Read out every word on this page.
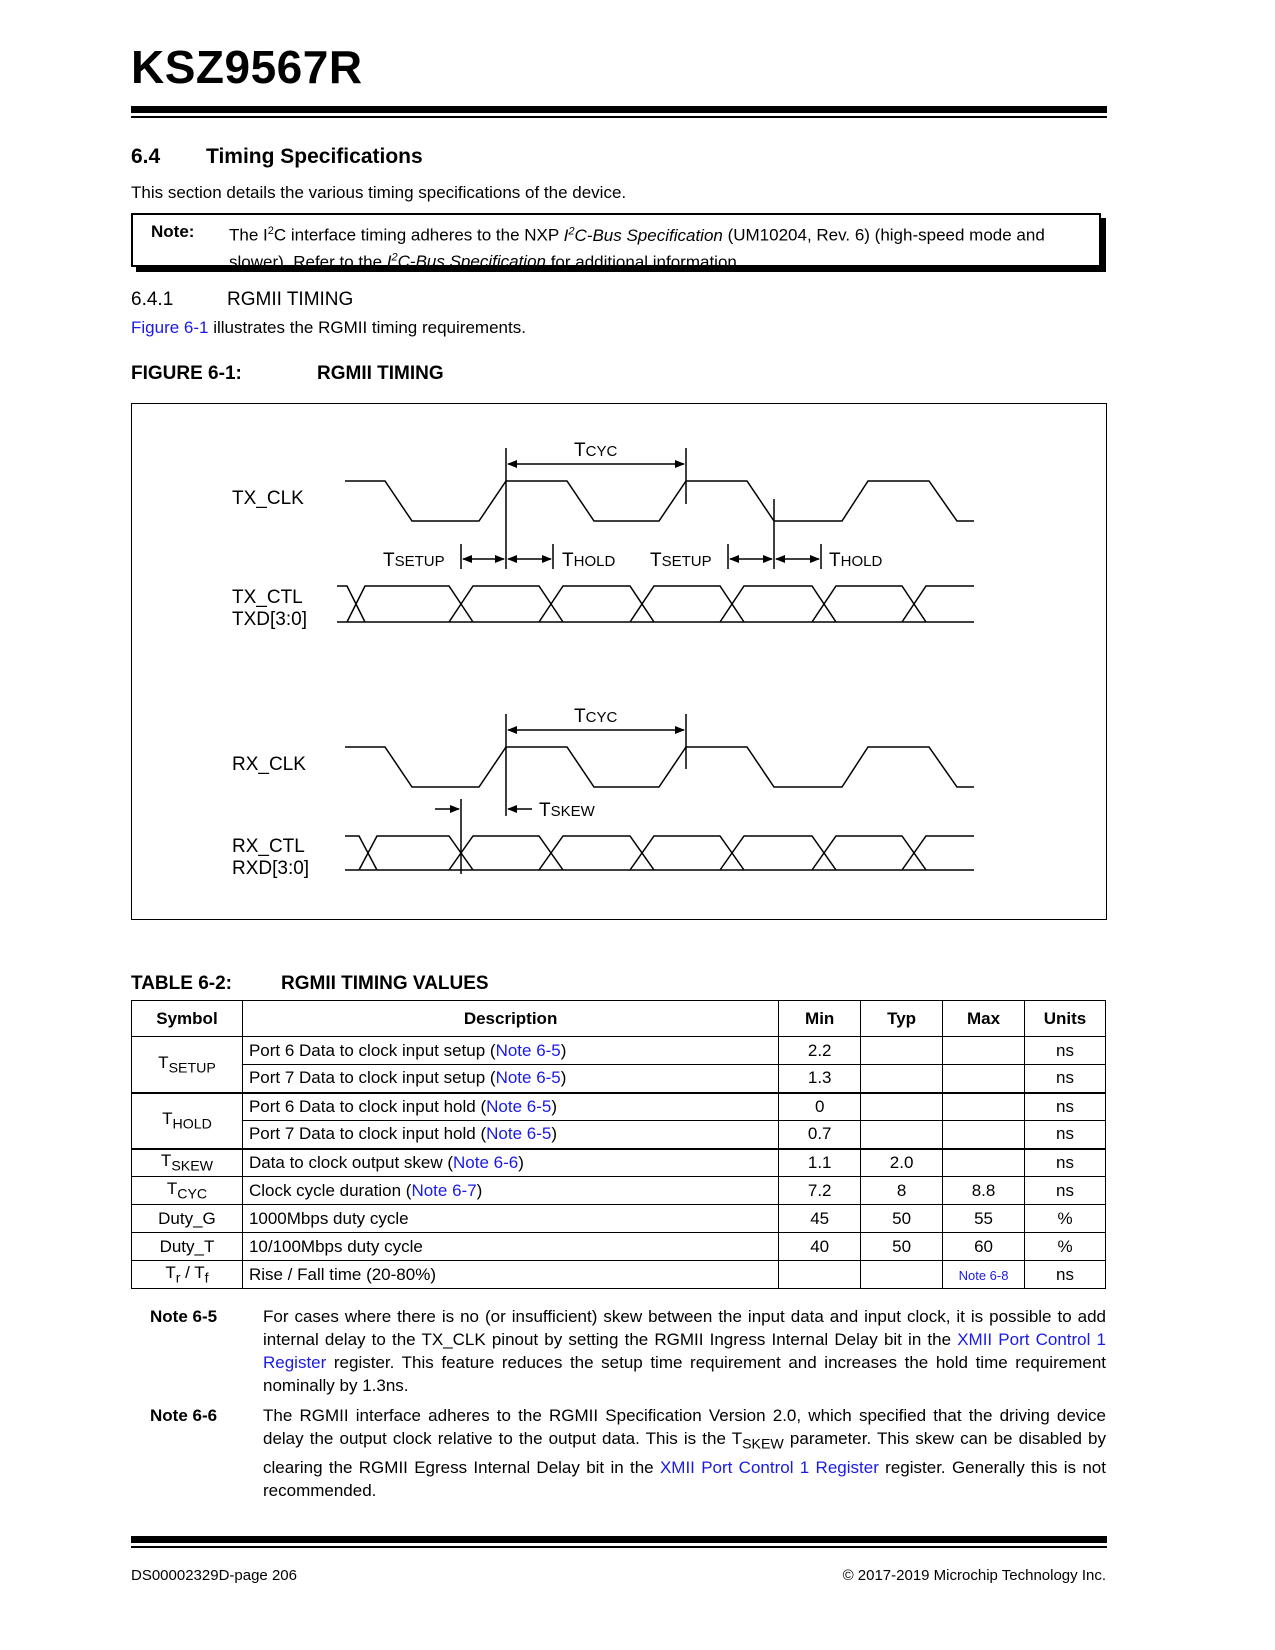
KSZ9567R
6.4 Timing Specifications
This section details the various timing specifications of the device.
Note: The $I^2C$ interface timing adheres to the NXP $I^2C$-Bus Specification (UM10204, Rev. 6) (high-speed mode and slower). Refer to the $I^2C$-Bus Specification for additional information.
6.4.1	RGMII TIMING
Figure 6-1 illustrates the RGMII timing requirements.
FIGURE 6-1:	RGMII TIMING
TX_CLK
TX_CTL
TXD[3:0]
RX_CLK
RX_CTL
RXD[3:0]
TCYC
TCYC
TSETUP	THOLD TSETUP	THOLD
TSKEW
TABLE 6-2:	RGMII TIMING VALUES
Symbol	Description	Min	Typ	Max	Units
$T_{SETUP}$	Port 6 Data to clock input setup (Note 6-5)	2.2			ns
	Port 7 Data to clock input setup (Note 6-5)	1.3			ns
$T_{HOLD}$	Port 6 Data to clock input hold (Note 6-5)	0			ns
	Port 7 Data to clock input hold (Note 6-5)	0.7			ns
$T_{SKEW}$	Data to clock output skew (Note 6-6)	1.1	2.0		ns
$T_{CYC}$	Clock cycle duration (Note 6-7)	7.2	8	8.8	ns
Duty_G	1000Mbps duty cycle	45	50	55	%
Duty_T	10/100Mbps duty cycle	40	50	60	%
$T_r / T_f$	Rise / Fall time (20-80%)			Note 6-8	ns
Note 6-5	For cases where there is no (or insufficient) skew between the input data and input clock, it is possible to add internal delay to the TX_CLK pinout by setting the RGMII Ingress Internal Delay bit in the XMII Port Control 1 Register register. This feature reduces the setup time requirement and increases the hold time requirement nominally by 1.3ns.
Note 6-6	The RGMII interface adheres to the RGMII Specification Version 2.0, which specified that the driving device delay the output clock relative to the output data. This is the $T_{SKEW}$ parameter. This skew can be disabled by clearing the RGMII Egress Internal Delay bit in the XMII Port Control 1 Register register. Generally this is not recommended.
DS00002329D-page 206	© 2017-2019 Microchip Technology Inc.
